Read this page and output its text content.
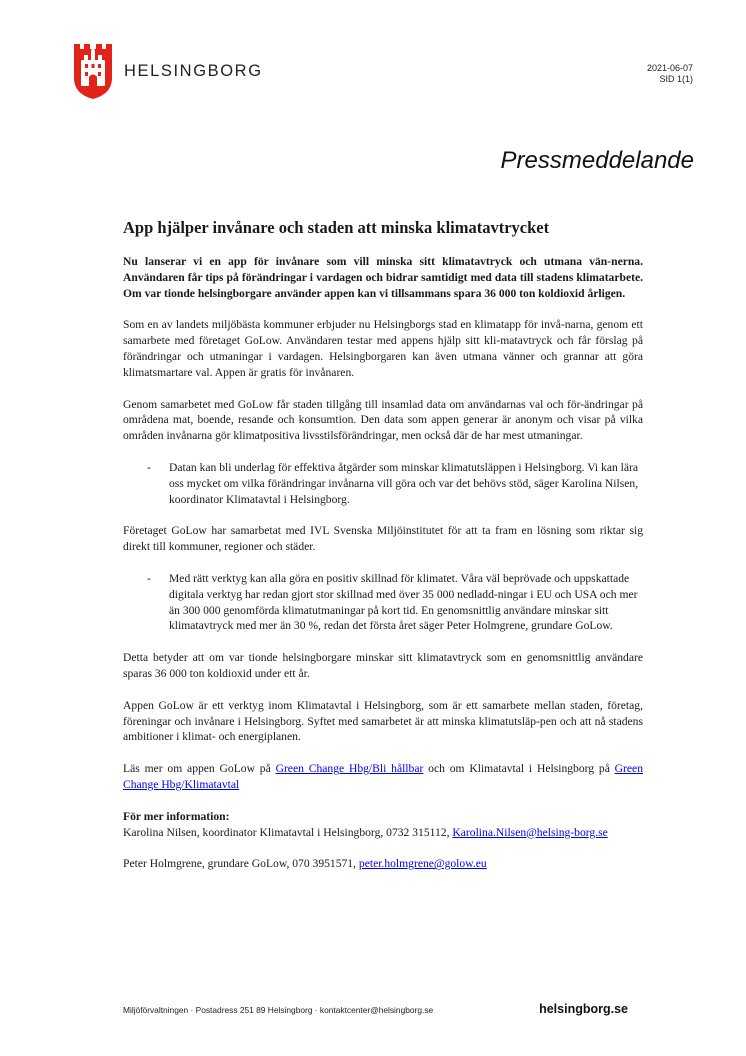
HELSINGBORG	2021-06-07
SID 1(1)
Pressmeddelande
App hjälper invånare och staden att minska klimatavtrycket

Nu lanserar vi en app för invånare som vill minska sitt klimatavtryck och utmana vän-nerna. Användaren får tips på förändringar i vardagen och bidrar samtidigt med data till stadens klimatarbete. Om var tionde helsingborgare använder appen kan vi tillsammans spara 36 000 ton koldioxid årligen.

Som en av landets miljöbästa kommuner erbjuder nu Helsingborgs stad en klimatapp för invå-narna, genom ett samarbete med företaget GoLow. Användaren testar med appens hjälp sitt kli-matavtryck och får förslag på förändringar och utmaningar i vardagen. Helsingborgaren kan även utmana vänner och grannar att göra klimatsmartare val. Appen är gratis för invånaren.

Genom samarbetet med GoLow får staden tillgång till insamlad data om användarnas val och för-ändringar på områdena mat, boende, resande och konsumtion. Den data som appen generar är anonym och visar på vilka områden invånarna gör klimatpositiva livsstilsförändringar, men också där de har mest utmaningar.

-	Datan kan bli underlag för effektiva åtgärder som minskar klimatutsläppen i Helsingborg. Vi kan lära oss mycket om vilka förändringar invånarna vill göra och var det behövs stöd, säger Karolina Nilsen, koordinator Klimatavtal i Helsingborg.

Företaget GoLow har samarbetat med IVL Svenska Miljöinstitutet för att ta fram en lösning som riktar sig direkt till kommuner, regioner och städer.

-	Med rätt verktyg kan alla göra en positiv skillnad för klimatet. Våra väl beprövade och uppskattade digitala verktyg har redan gjort stor skillnad med över 35 000 nedladd-ningar i EU och USA och mer än 300 000 genomförda klimatutmaningar på kort tid. En genomsnittlig användare minskar sitt klimatavtryck med mer än 30 %, redan det första året säger Peter Holmgrene, grundare GoLow.

Detta betyder att om var tionde helsingborgare minskar sitt klimatavtryck som en genomsnittlig användare sparas 36 000 ton koldioxid under ett år.

Appen GoLow är ett verktyg inom Klimatavtal i Helsingborg, som är ett samarbete mellan staden, företag, föreningar och invånare i Helsingborg. Syftet med samarbetet är att minska klimatutsläp-pen och att nå stadens ambitioner i klimat- och energiplanen.

Läs mer om appen GoLow på Green Change Hbg/Bli hållbar och om Klimatavtal i Helsingborg på Green Change Hbg/Klimatavtal

För mer information:
Karolina Nilsen, koordinator Klimatavtal i Helsingborg, 0732 315112, Karolina.Nilsen@helsing-borg.se

Peter Holmgrene, grundare GoLow, 070 3951571, peter.holmgrene@golow.eu

Miljöförvaltningen · Postadress 251 89 Helsingborg · kontaktcenter@helsingborg.se	helsingborg.se
